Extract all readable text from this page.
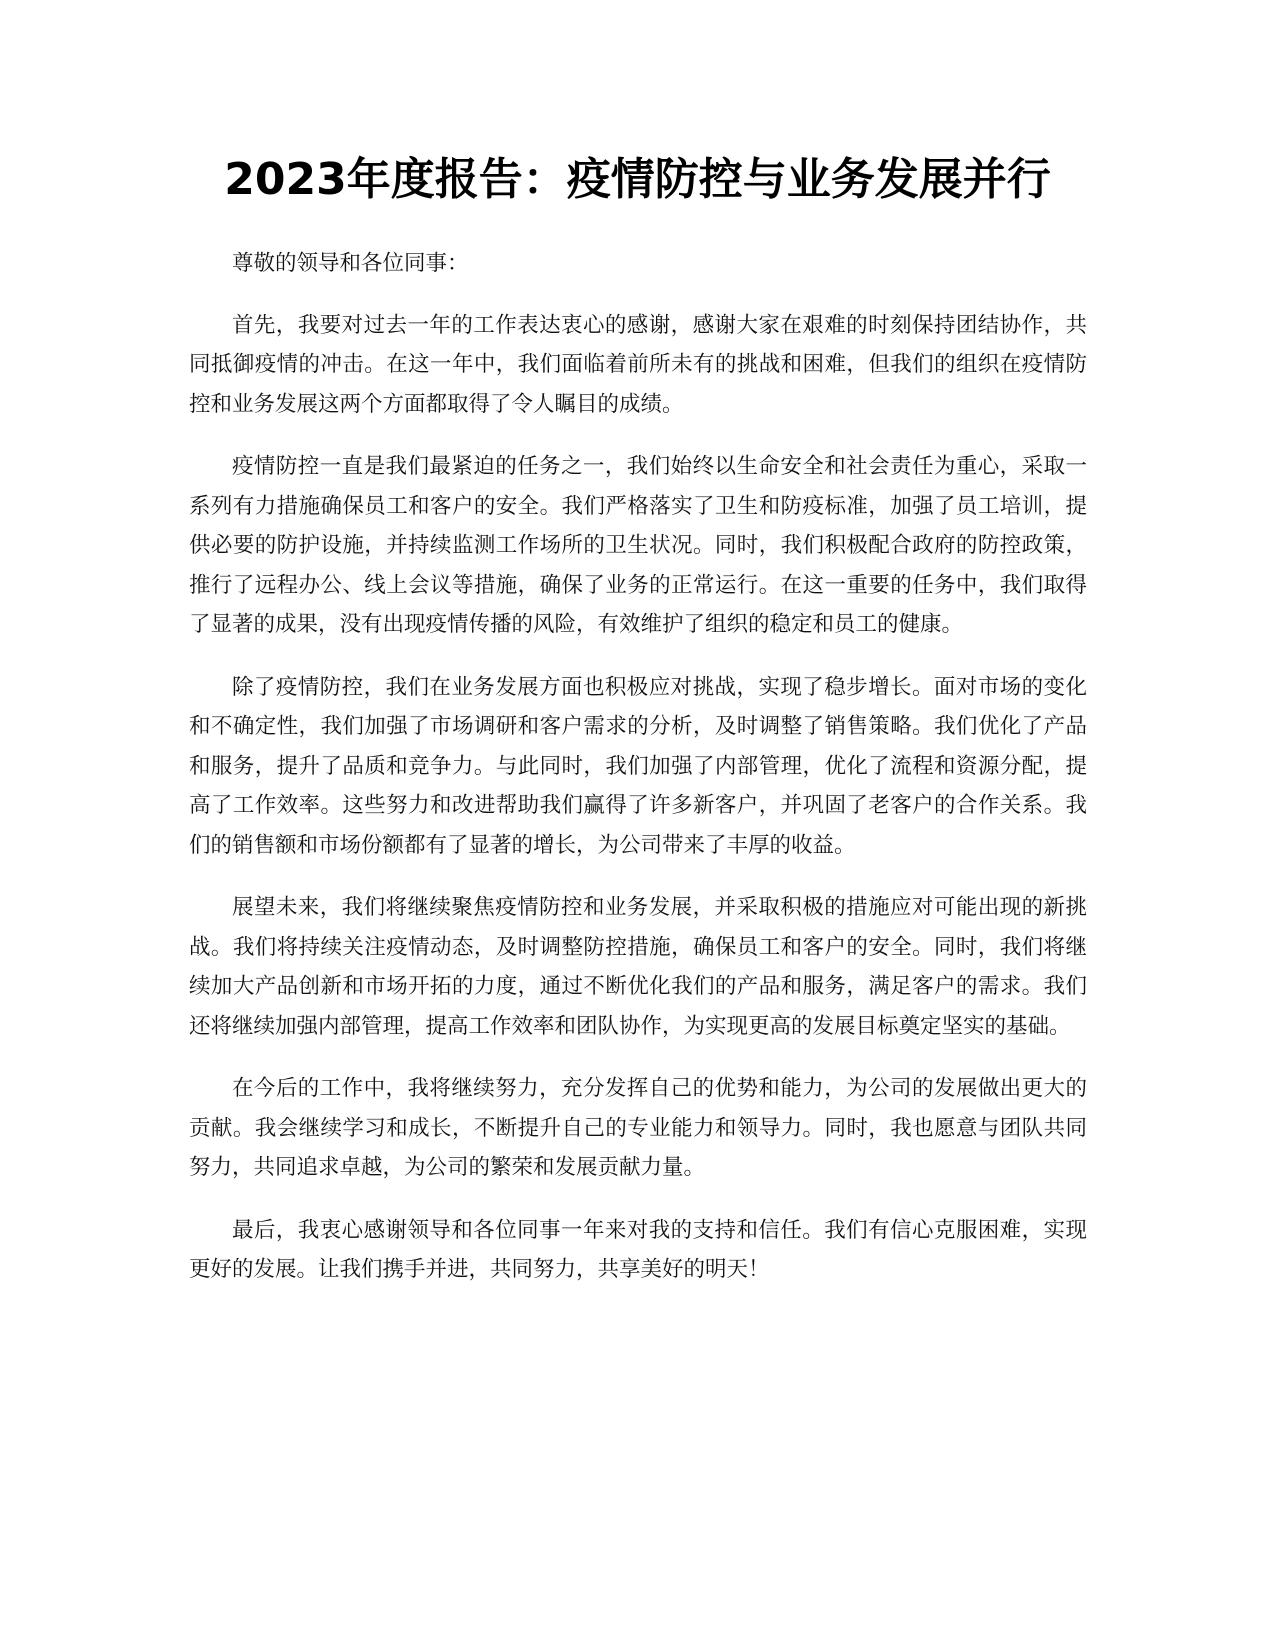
2023年度报告：疫情防控与业务发展并行

尊敬的领导和各位同事：

首先，我要对过去一年的工作表达衷心的感谢，感谢大家在艰难的时刻保持团结协作，共同抵御疫情的冲击。在这一年中，我们面临着前所未有的挑战和困难，但我们的组织在疫情防控和业务发展这两个方面都取得了令人瞩目的成绩。

疫情防控一直是我们最紧迫的任务之一，我们始终以生命安全和社会责任为重心，采取一系列有力措施确保员工和客户的安全。我们严格落实了卫生和防疫标准，加强了员工培训，提供必要的防护设施，并持续监测工作场所的卫生状况。同时，我们积极配合政府的防控政策，推行了远程办公、线上会议等措施，确保了业务的正常运行。在这一重要的任务中，我们取得了显著的成果，没有出现疫情传播的风险，有效维护了组织的稳定和员工的健康。

除了疫情防控，我们在业务发展方面也积极应对挑战，实现了稳步增长。面对市场的变化和不确定性，我们加强了市场调研和客户需求的分析，及时调整了销售策略。我们优化了产品和服务，提升了品质和竞争力。与此同时，我们加强了内部管理，优化了流程和资源分配，提高了工作效率。这些努力和改进帮助我们赢得了许多新客户，并巩固了老客户的合作关系。我们的销售额和市场份额都有了显著的增长，为公司带来了丰厚的收益。

展望未来，我们将继续聚焦疫情防控和业务发展，并采取积极的措施应对可能出现的新挑战。我们将持续关注疫情动态，及时调整防控措施，确保员工和客户的安全。同时，我们将继续加大产品创新和市场开拓的力度，通过不断优化我们的产品和服务，满足客户的需求。我们还将继续加强内部管理，提高工作效率和团队协作，为实现更高的发展目标奠定坚实的基础。

在今后的工作中，我将继续努力，充分发挥自己的优势和能力，为公司的发展做出更大的贡献。我会继续学习和成长，不断提升自己的专业能力和领导力。同时，我也愿意与团队共同努力，共同追求卓越，为公司的繁荣和发展贡献力量。

最后，我衷心感谢领导和各位同事一年来对我的支持和信任。我们有信心克服困难，实现更好的发展。让我们携手并进，共同努力，共享美好的明天！
